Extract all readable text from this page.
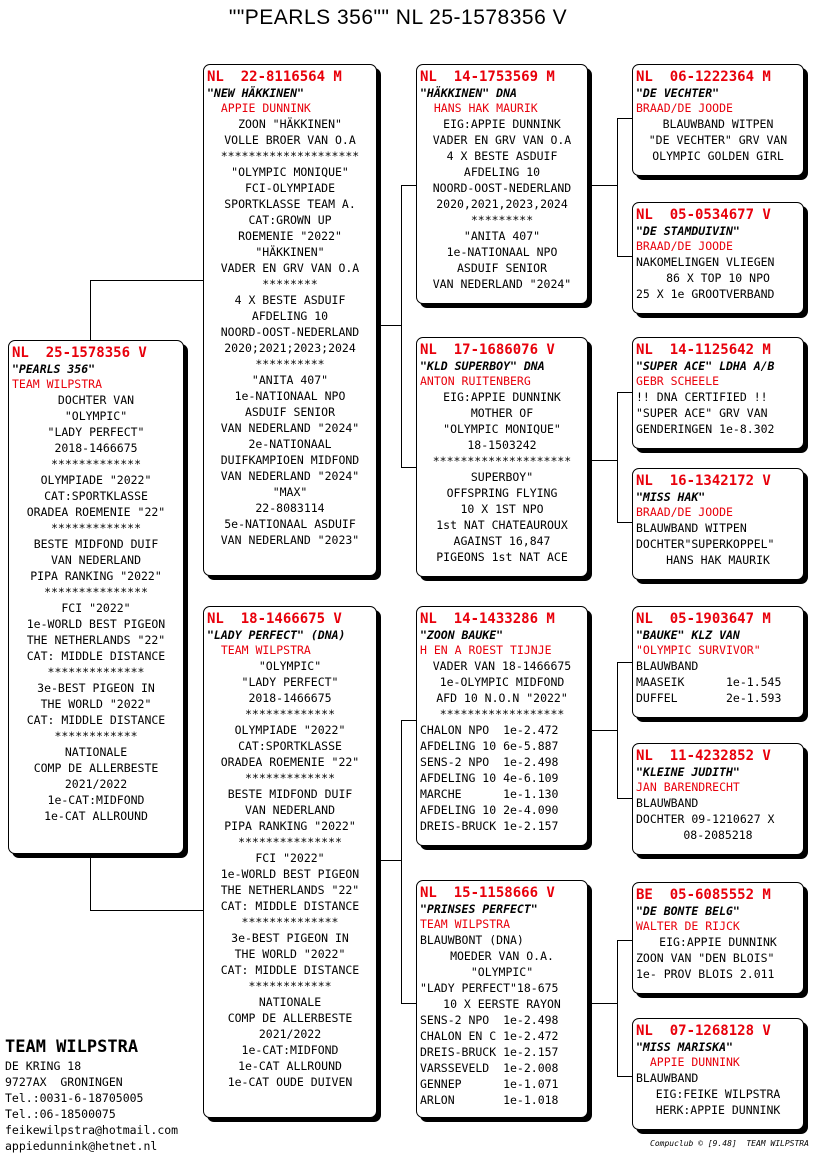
""PEARLS 356"" NL 25-1578356 V
NL  25-1578356 V
"PEARLS 356"
TEAM WILPSTRA
DOCHTER VAN
"OLYMPIC"
"LADY PERFECT"
2018-1466675
*************
OLYMPIADE "2022"
CAT:SPORTKLASSE
ORADEA ROEMENIE "22"
*************
BESTE MIDFOND DUIF
VAN NEDERLAND
PIPA RANKING "2022"
***************
FCI "2022"
1e-WORLD BEST PIGEON
THE NETHERLANDS "22"
CAT: MIDDLE DISTANCE
**************
3e-BEST PIGEON IN
THE WORLD "2022"
CAT: MIDDLE DISTANCE
************
NATIONALE
COMP DE ALLERBESTE
2021/2022
1e-CAT:MIDFOND
1e-CAT ALLROUND
NL  22-8116564 M
"NEW HÄKKINEN"
APPIE DUNNINK
ZOON "HÄKKINEN"
VOLLE BROER VAN O.A
********************
"OLYMPIC MONIQUE"
FCI-OLYMPIADE
SPORTKLASSE TEAM A.
CAT:GROWN UP
ROEMENIE "2022"
"HÄKKINEN"
VADER EN GRV VAN O.A
********
4 X BESTE ASDUIF
AFDELING 10
NOORD-OOST-NEDERLAND
2020;2021;2023;2024
**********
"ANITA 407"
1e-NATIONAAL NPO
ASDUIF SENIOR
VAN NEDERLAND "2024"
2e-NATIONAAL
DUIFKAMPIOEN MIDFOND
VAN NEDERLAND "2024"
"MAX"
22-8083114
5e-NATIONAAL ASDUIF
VAN NEDERLAND "2023"
NL  18-1466675 V
"LADY PERFECT" (DNA)
TEAM WILPSTRA
"OLYMPIC"
"LADY PERFECT"
2018-1466675
*************
OLYMPIADE "2022"
CAT:SPORTKLASSE
ORADEA ROEMENIE "22"
*************
BESTE MIDFOND DUIF
VAN NEDERLAND
PIPA RANKING "2022"
***************
FCI "2022"
1e-WORLD BEST PIGEON
THE NETHERLANDS "22"
CAT: MIDDLE DISTANCE
**************
3e-BEST PIGEON IN
THE WORLD "2022"
CAT: MIDDLE DISTANCE
************
NATIONALE
COMP DE ALLERBESTE
2021/2022
1e-CAT:MIDFOND
1e-CAT ALLROUND
1e-CAT OUDE DUIVEN
NL  14-1753569 M
"HÄKKINEN" DNA
HANS HAK MAURIK
EIG:APPIE DUNNINK
VADER EN GRV VAN O.A
4 X BESTE ASDUIF
AFDELING 10
NOORD-OOST-NEDERLAND
2020,2021,2023,2024
*********
"ANITA 407"
1e-NATIONAAL NPO
ASDUIF SENIOR
VAN NEDERLAND "2024"
NL  17-1686076 V
"KLD SUPERBOY" DNA
ANTON RUITENBERG
EIG:APPIE DUNNINK
MOTHER OF
"OLYMPIC MONIQUE"
18-1503242
********************
SUPERBOY"
OFFSPRING FLYING
10 X 1ST NPO
1st NAT CHATEAUROUX
AGAINST 16,847
PIGEONS 1st NAT ACE
NL  14-1433286 M
"ZOON BAUKE"
H EN A ROEST TIJNJE
VADER VAN 18-1466675
1e-OLYMPIC MIDFOND
AFD 10 N.O.N "2022"
******************
CHALON NPO  1e-2.472
AFDELING 10 6e-5.887
SENS-2 NPO  1e-2.498
AFDELING 10 4e-6.109
MARCHE      1e-1.130
AFDELING 10 2e-4.090
DREIS-BRUCK 1e-2.157
NL  15-1158666 V
"PRINSES PERFECT"
TEAM WILPSTRA
BLAUWBONT (DNA)
MOEDER VAN O.A.
"OLYMPIC"
"LADY PERFECT"18-675
10 X EERSTE RAYON
SENS-2 NPO  1e-2.498
CHALON EN C 1e-2.472
DREIS-BRUCK 1e-2.157
VARSSEVELD  1e-2.008
GENNEP      1e-1.071
ARLON       1e-1.018
NL  06-1222364 M
"DE VECHTER"
BRAAD/DE JOODE
BLAUWBAND WITPEN
"DE VECHTER" GRV VAN
OLYMPIC GOLDEN GIRL
NL  05-0534677 V
"DE STAMDUIVIN"
BRAAD/DE JOODE
NAKOMELINGEN VLIEGEN
86 X TOP 10 NPO
25 X 1e GROOTVERBAND
NL  14-1125642 M
"SUPER ACE" LDHA A/B
GEBR SCHEELE
!! DNA CERTIFIED !!
"SUPER ACE" GRV VAN
GENDERINGEN 1e-8.302
NL  16-1342172 V
"MISS HAK"
BRAAD/DE JOODE
BLAUWBAND WITPEN
DOCHTER"SUPERKOPPEL"
HANS HAK MAURIK
NL  05-1903647 M
"BAUKE" KLZ VAN
"OLYMPIC SURVIVOR"
BLAUWBAND
MAASEIK      1e-1.545
DUFFEL       2e-1.593
NL  11-4232852 V
"KLEINE JUDITH"
JAN BARENDRECHT
BLAUWBAND
DOCHTER 09-1210627 X
08-2085218
BE  05-6085552 M
"DE BONTE BELG"
WALTER DE RIJCK
EIG:APPIE DUNNINK
ZOON VAN "DEN BLOIS"
1e- PROV BLOIS 2.011
NL  07-1268128 V
"MISS MARISKA"
APPIE DUNNINK
BLAUWBAND
EIG:FEIKE WILPSTRA
HERK:APPIE DUNNINK
TEAM WILPSTRA
DE KRING 18
9727AX  GRONINGEN
Tel.:0031-6-18705005
Tel.:06-18500075
feikewilpstra@hotmail.com
appiedunnink@hetnet.nl	Compuclub © [9.48]  TEAM WILPSTRA
